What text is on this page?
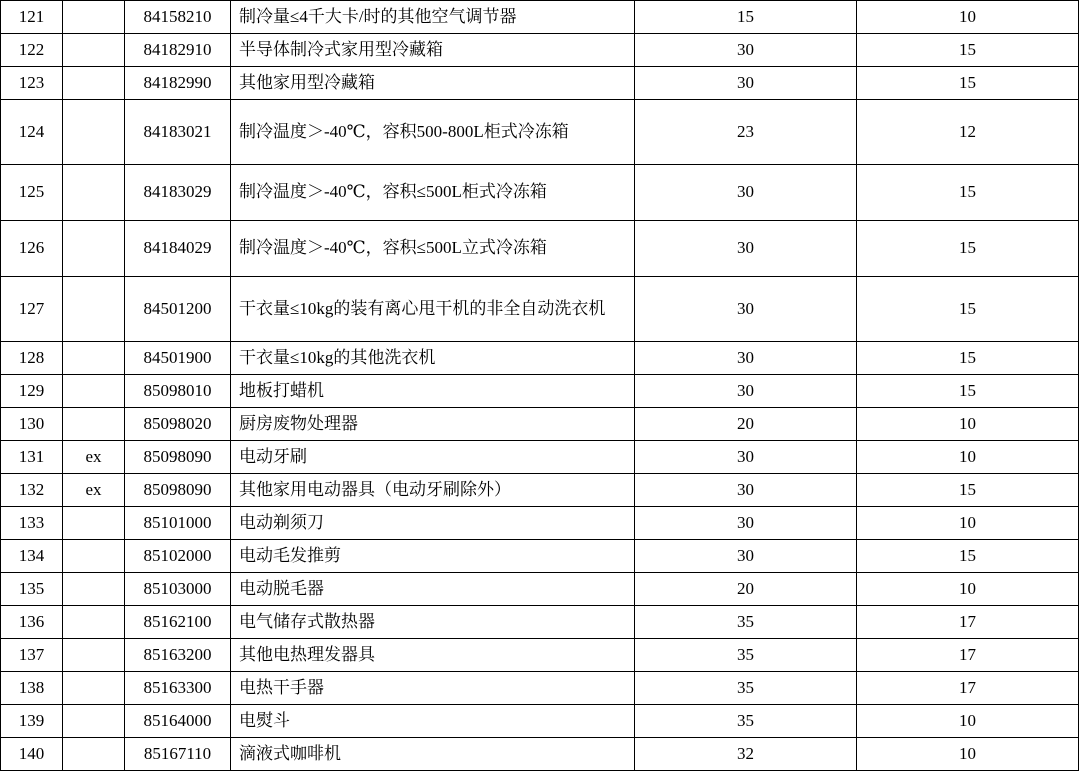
121		84158210	制冷量≤4千大卡/时的其他空气调节器	15	10

122		84182910	半导体制冷式家用型冷藏箱	30	15

123		84182990	其他家用型冷藏箱	30	15

124		84183021	制冷温度＞-40℃，容积500-800L柜式冷冻箱	23	12

125		84183029	制冷温度＞-40℃，容积≤500L柜式冷冻箱	30	15

126		84184029	制冷温度＞-40℃，容积≤500L立式冷冻箱	30	15

127		84501200	干衣量≤10kg的装有离心甩干机的非全自动洗衣机	30	15

128		84501900	干衣量≤10kg的其他洗衣机	30	15

129		85098010	地板打蜡机	30	15

130		85098020	厨房废物处理器	20	10

131	ex	85098090	电动牙刷	30	10

132	ex	85098090	其他家用电动器具（电动牙刷除外）	30	15

133		85101000	电动剃须刀	30	10

134		85102000	电动毛发推剪	30	15

135		85103000	电动脱毛器	20	10

136		85162100	电气储存式散热器	35	17

137		85163200	其他电热理发器具	35	17

138		85163300	电热干手器	35	17

139		85164000	电熨斗	35	10

140		85167110	滴液式咖啡机	32	10
